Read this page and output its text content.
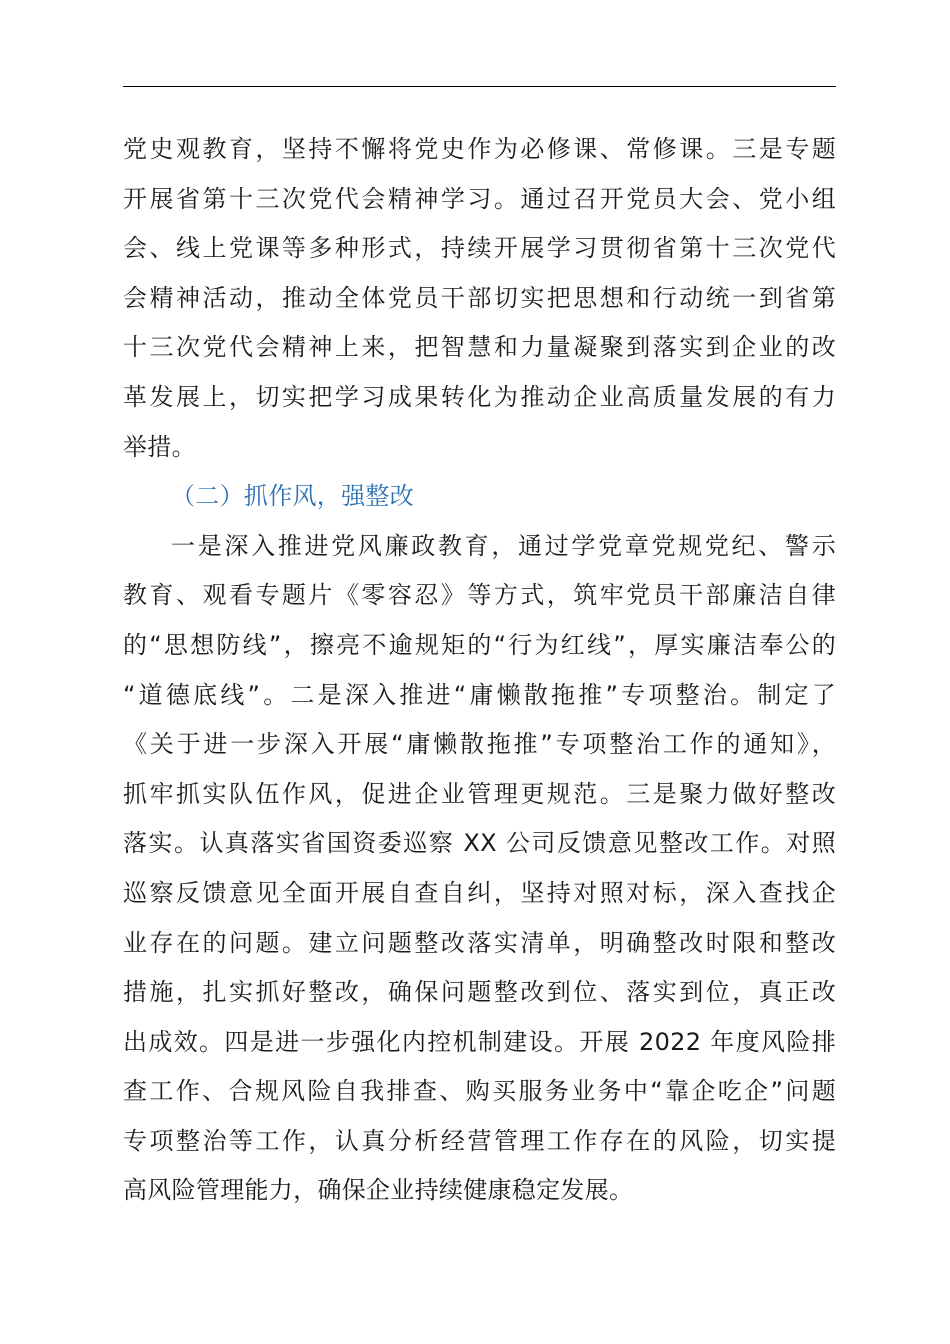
党史观教育，坚持不懈将党史作为必修课、常修课。三是专题
开展省第十三次党代会精神学习。通过召开党员大会、党小组
会、线上党课等多种形式，持续开展学习贯彻省第十三次党代
会精神活动，推动全体党员干部切实把思想和行动统一到省第
十三次党代会精神上来，把智慧和力量凝聚到落实到企业的改
革发展上，切实把学习成果转化为推动企业高质量发展的有力
举措。
（二）抓作风，强整改
一是深入推进党风廉政教育，通过学党章党规党纪、警示
教育、观看专题片《零容忍》等方式，筑牢党员干部廉洁自律
的“思想防线”，擦亮不逾规矩的“行为红线”，厚实廉洁奉公的
“道德底线”。二是深入推进“庸懒散拖推”专项整治。制定了
《关于进一步深入开展“庸懒散拖推”专项整治工作的通知》，
抓牢抓实队伍作风，促进企业管理更规范。三是聚力做好整改
落实。认真落实省国资委巡察 XX 公司反馈意见整改工作。对照
巡察反馈意见全面开展自查自纠，坚持对照对标，深入查找企
业存在的问题。建立问题整改落实清单，明确整改时限和整改
措施，扎实抓好整改，确保问题整改到位、落实到位，真正改
出成效。四是进一步强化内控机制建设。开展 2022 年度风险排
查工作、合规风险自我排查、购买服务业务中“靠企吃企”问题
专项整治等工作，认真分析经营管理工作存在的风险，切实提
高风险管理能力，确保企业持续健康稳定发展。
